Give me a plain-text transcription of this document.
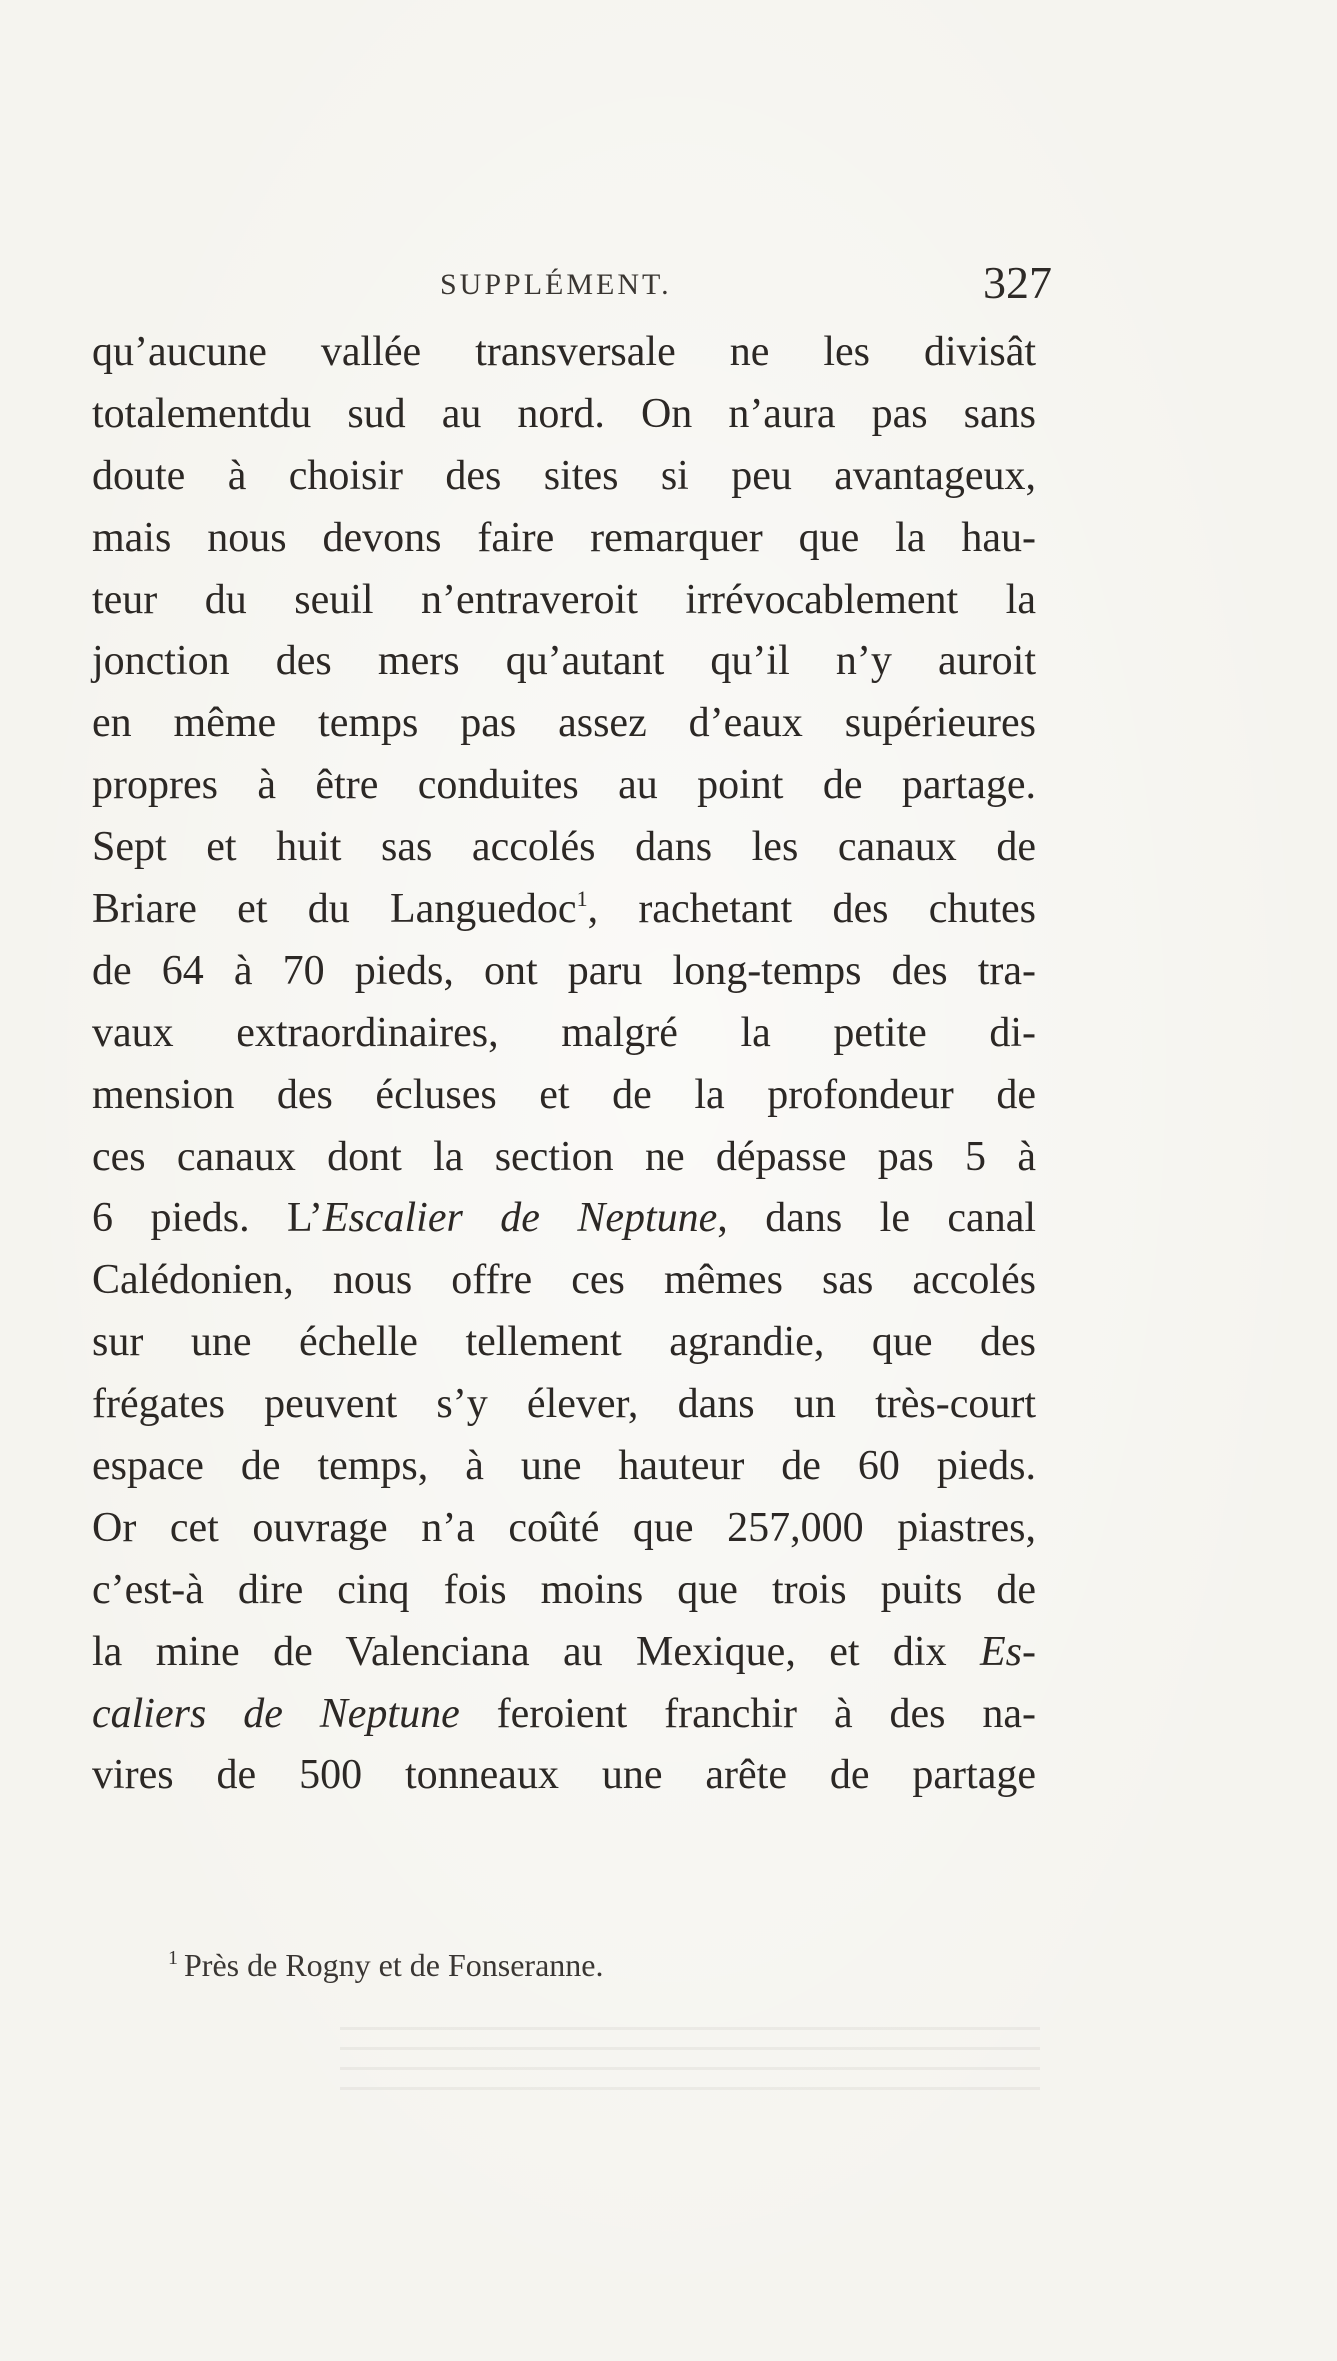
SUPPLÉMENT.	327
qu’aucune vallée transversale ne les divisât
totalementdu sud au nord. On n’aura pas sans
doute à choisir des sites si peu avantageux,
mais nous devons faire remarquer que la hau-
teur du seuil n’entraveroit irrévocablement la
jonction des mers qu’autant qu’il n’y auroit
en même temps pas assez d’eaux supérieures
propres à être conduites au point de partage.
Sept et huit sas accolés dans les canaux de
Briare et du Languedoc$^1$, rachetant des chutes
de 64 à 70 pieds, ont paru long-temps des tra-
vaux extraordinaires, malgré la petite di-
mension des écluses et de la profondeur de
ces canaux dont la section ne dépasse pas 5 à
6 pieds. L’Escalier de Neptune, dans le canal
Calédonien, nous offre ces mêmes sas accolés
sur une échelle tellement agrandie, que des
frégates peuvent s’y élever, dans un très-court
espace de temps, à une hauteur de 60 pieds.
Or cet ouvrage n’a coûté que 257,000 piastres,
c’est-à dire cinq fois moins que trois puits de
la mine de Valenciana au Mexique, et dix Es-
caliers de Neptune feroient franchir à des na-
vires de 500 tonneaux une arête de partage
$^1$ Près de Rogny et de Fonseranne.
